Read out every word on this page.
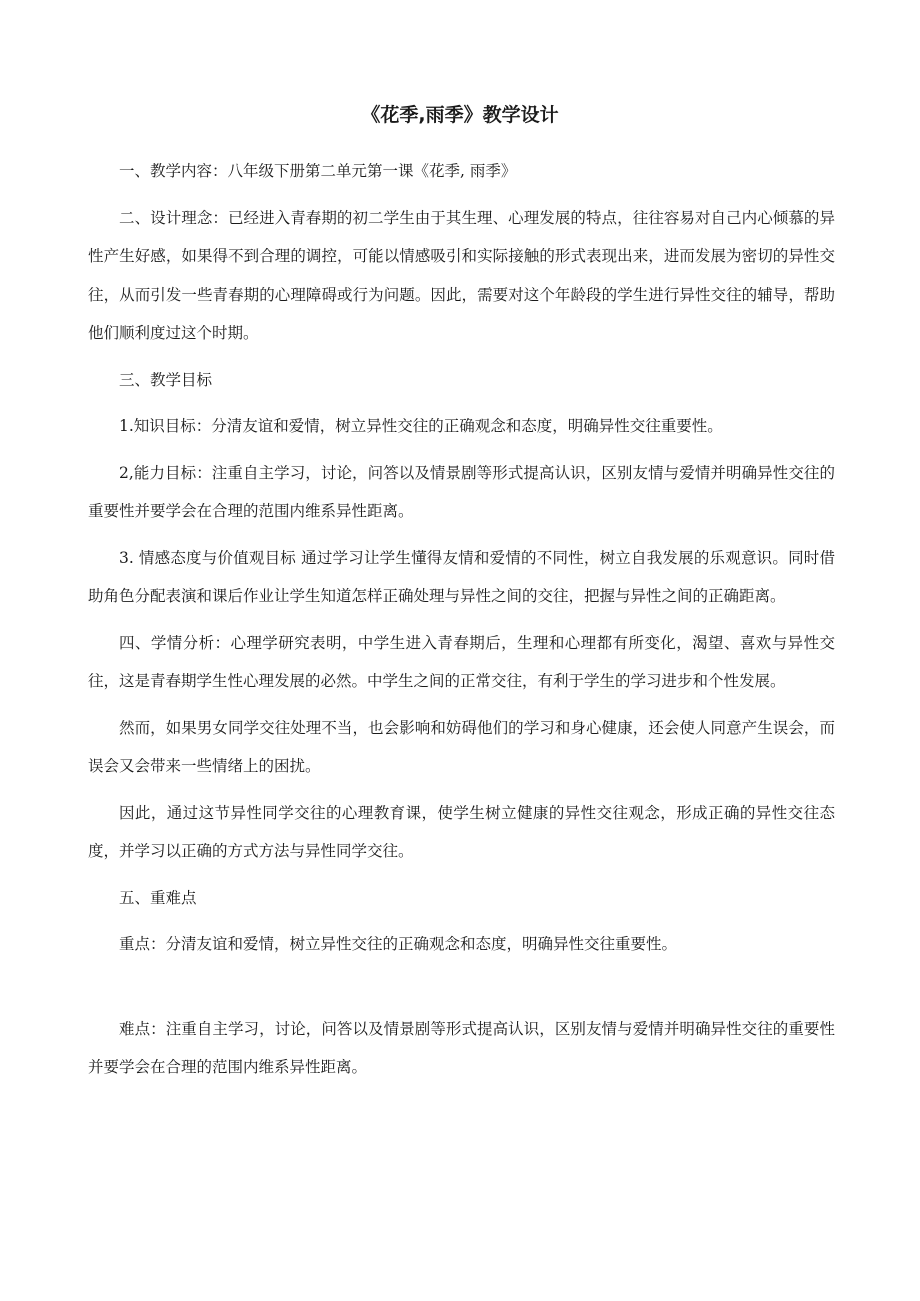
《花季,雨季》教学设计

一、教学内容：八年级下册第二单元第一课《花季, 雨季》

二、设计理念：已经进入青春期的初二学生由于其生理、心理发展的特点，往往容易对自己内心倾慕的异性产生好感，如果得不到合理的调控，可能以情感吸引和实际接触的形式表现出来，进而发展为密切的异性交往，从而引发一些青春期的心理障碍或行为问题。因此，需要对这个年龄段的学生进行异性交往的辅导，帮助他们顺利度过这个时期。

三、教学目标

1.知识目标：分清友谊和爱情，树立异性交往的正确观念和态度，明确异性交往重要性。

2,能力目标：注重自主学习，讨论，问答以及情景剧等形式提高认识，区别友情与爱情并明确异性交往的重要性并要学会在合理的范围内维系异性距离。

3. 情感态度与价值观目标 通过学习让学生懂得友情和爱情的不同性，树立自我发展的乐观意识。同时借助角色分配表演和课后作业让学生知道怎样正确处理与异性之间的交往，把握与异性之间的正确距离。

四、学情分析：心理学研究表明，中学生进入青春期后，生理和心理都有所变化，渴望、喜欢与异性交往，这是青春期学生性心理发展的必然。中学生之间的正常交往，有利于学生的学习进步和个性发展。

然而，如果男女同学交往处理不当，也会影响和妨碍他们的学习和身心健康，还会使人同意产生误会，而误会又会带来一些情绪上的困扰。

因此，通过这节异性同学交往的心理教育课，使学生树立健康的异性交往观念，形成正确的异性交往态度，并学习以正确的方式方法与异性同学交往。

五、重难点

重点：分清友谊和爱情，树立异性交往的正确观念和态度，明确异性交往重要性。

难点：注重自主学习，讨论，问答以及情景剧等形式提高认识，区别友情与爱情并明确异性交往的重要性并要学会在合理的范围内维系异性距离。
